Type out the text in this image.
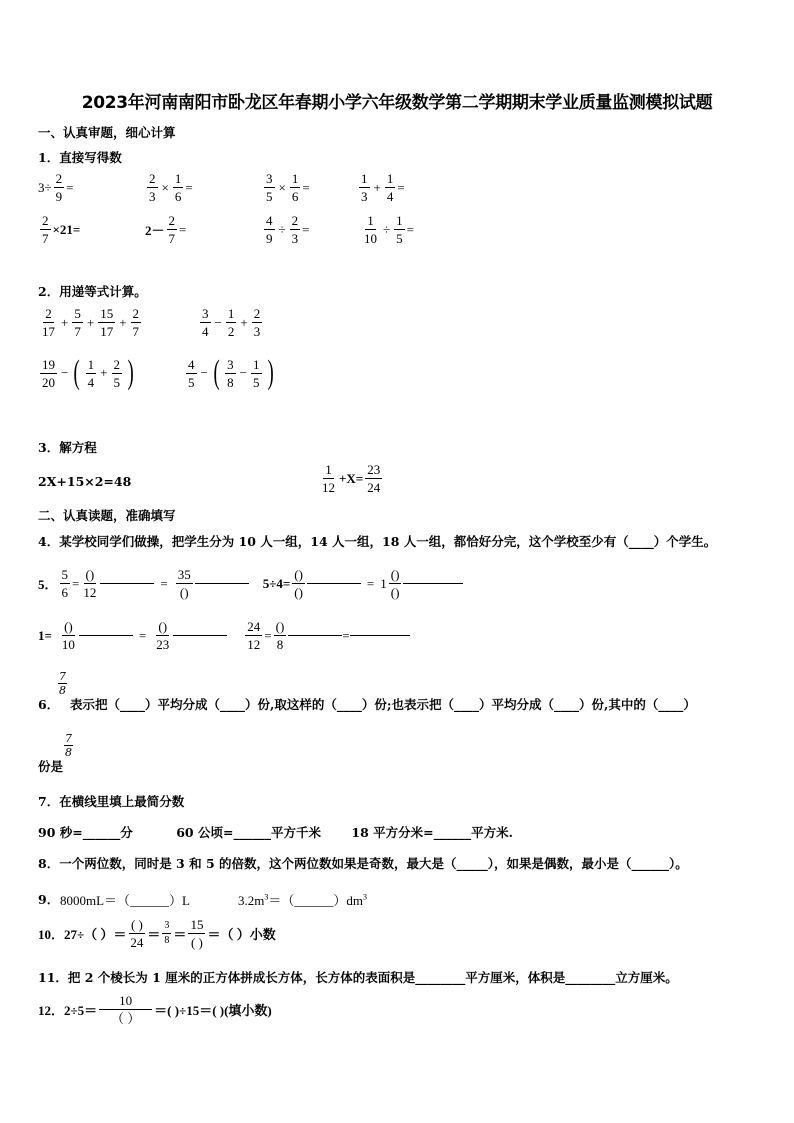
2023年河南南阳市卧龙区年春期小学六年级数学第二学期期末学业质量监测模拟试题
一、认真审题，细心计算
1．直接写得数
$3\div \frac{2}{9}$ =	$\frac{2}{3} \times \frac{1}{6}$ =	$\frac{3}{5} \times \frac{1}{6}$ =	$\frac{1}{3} + \frac{1}{4}$ =
$\frac{2}{7} \times 21=$	$2- \frac{2}{7}$ =	$\frac{4}{9} \div \frac{2}{3}$ =	$\frac{1}{10} \div \frac{1}{5}$ =
2．用递等式计算。
$\frac{2}{17} + \frac{5}{7} + \frac{15}{17} + \frac{2}{7}$	$\frac{3}{4} - \frac{1}{2} + \frac{2}{3}$
$\frac{19}{20}$ − ( $\frac{1}{4} + \frac{2}{5}$ )	$\frac{4}{5}$ − ( $\frac{3}{8} - \frac{1}{5}$ )
3．解方程
2X+15×2=48	$\frac{1}{12} +X= \frac{23}{24}$
二、认真读题，准确填写
4．某学校同学们做操，把学生分为 10 人一组，14 人一组，18 人一组，都恰好分完，这个学校至少有（____）个学生。
5． $\frac{5}{6} = \frac{()}{12}$	= $\frac{35}{()}$	$5\div 4= \frac{()}{()}$	= $1 \frac{()}{()}$
$1= \frac{()}{10}$	= $\frac{()}{23}$	$\frac{24}{12} = \frac{()}{8}$	=
$\frac{7}{8}$
6． 表示把（____）平均分成（____）份,取这样的（____）份;也表示把（____）平均分成（____）份,其中的（____）
$\frac{7}{8}$
份是
7．在横线里填上最简分数
90 秒=______分          60 公顷=______平方千米       18 平方分米=______平方米.
8．一个两位数，同时是 3 和 5 的倍数，这个两位数如果是奇数，最大是（_____），如果是偶数，最小是（______）。
9． 8000mL＝（______）L	$3.2m^3=(\_\_\_\_\_\_)dm^3$
10． 27÷（ ）＝ $\frac{( )}{24} = \frac{3}{8} = \frac{15}{( )}$ ＝（ ）小数
11．把 2 个棱长为 1 厘米的正方体拼成长方体，长方体的表面积是________平方厘米，体积是________立方厘米。
12． $2\div 5= \frac{10}{( )}$ ＝( )÷15＝( )(填小数)
